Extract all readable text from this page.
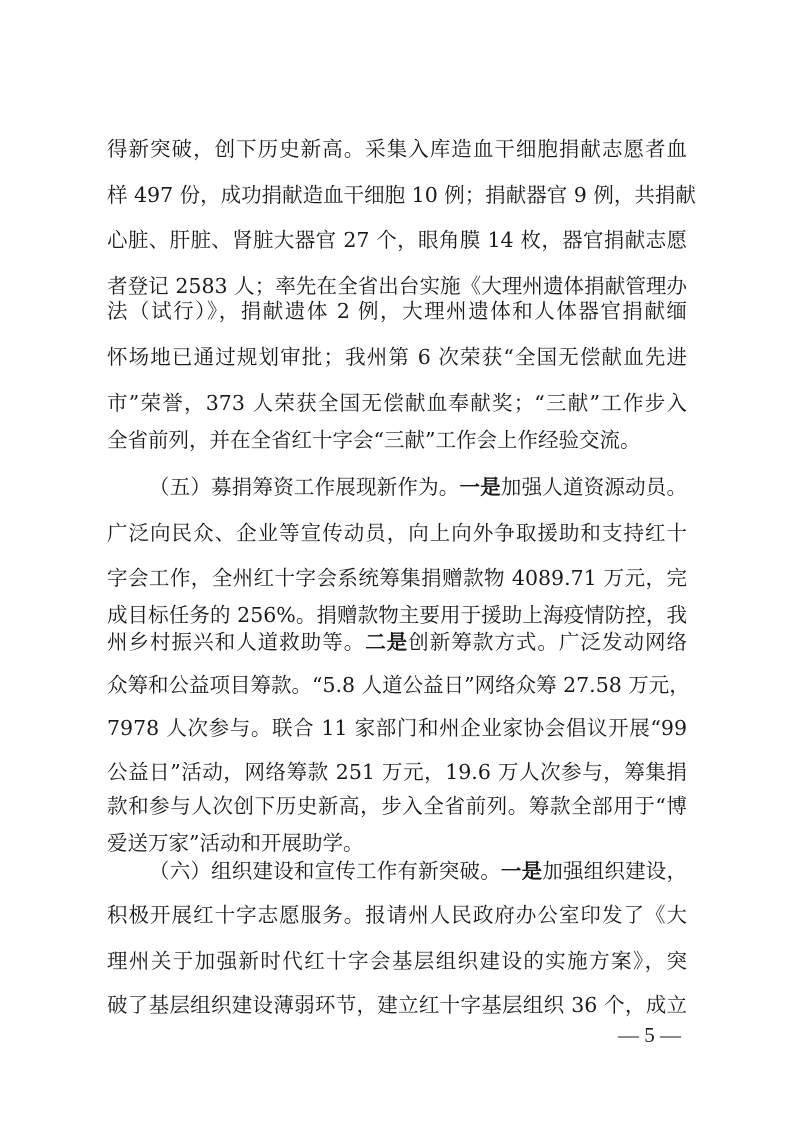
得新突破，创下历史新高。采集入库造血干细胞捐献志愿者血
样 497 份，成功捐献造血干细胞 10 例；捐献器官 9 例，共捐献
心脏、肝脏、肾脏大器官 27 个，眼角膜 14 枚，器官捐献志愿
者登记 2583 人；率先在全省出台实施《大理州遗体捐献管理办
法（试行）》，捐献遗体 2 例，大理州遗体和人体器官捐献缅
怀场地已通过规划审批；我州第 6 次荣获“全国无偿献血先进
市”荣誉，373 人荣获全国无偿献血奉献奖；“三献”工作步入
全省前列，并在全省红十字会“三献”工作会上作经验交流。
（五）募捐筹资工作展现新作为。一是加强人道资源动员。
广泛向民众、企业等宣传动员，向上向外争取援助和支持红十
字会工作，全州红十字会系统筹集捐赠款物 4089.71 万元，完
成目标任务的 256%。捐赠款物主要用于援助上海疫情防控，我
州乡村振兴和人道救助等。二是创新筹款方式。广泛发动网络
众筹和公益项目筹款。“5.8 人道公益日”网络众筹 27.58 万元，
7978 人次参与。联合 11 家部门和州企业家协会倡议开展“99
公益日”活动，网络筹款 251 万元，19.6 万人次参与，筹集捐
款和参与人次创下历史新高，步入全省前列。筹款全部用于“博
爱送万家”活动和开展助学。
（六）组织建设和宣传工作有新突破。一是加强组织建设，
积极开展红十字志愿服务。报请州人民政府办公室印发了《大
理州关于加强新时代红十字会基层组织建设的实施方案》，突
破了基层组织建设薄弱环节，建立红十字基层组织 36 个，成立
— 5 —
